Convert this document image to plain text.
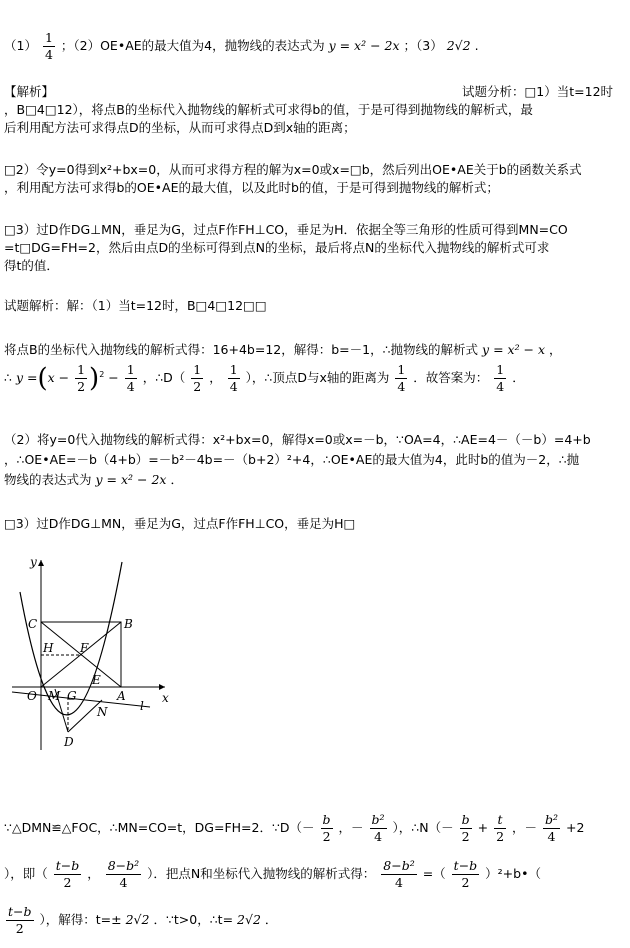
$(1) \frac{1}{4}$ ；（2）OE•AE的最大值为4，抛物线的表达式为 y = x² − 2x ；（3） 2√2 .
【解析】	试题分析：□1）当t=12时
，B□4□12），将点B的坐标代入抛物线的解析式可求得b的值，于是可得到抛物线的解析式，最
后利用配方法可求得点D的坐标，从而可求得点D到x轴的距离；
□2）令y=0得到x²+bx=0，从而可求得方程的解为x=0或x=□b，然后列出OE•AE关于b的函数关系式
，利用配方法可求得b的OE•AE的最大值，以及此时b的值，于是可得到抛物线的解析式；
□3）过D作DG⊥MN，垂足为G，过点F作FH⊥CO，垂足为H．依据全等三角形的性质可得到MN=CO
=t□DG=FH=2，然后由点D的坐标可得到点N的坐标，最后将点N的坐标代入抛物线的解析式可求
得t的值．
试题解析：解：（1）当t=12时，B□4□12□□
将点B的坐标代入抛物线的解析式得：16+4b=12，解得：b=－1，∴抛物线的解析式 y = x² − x ，
∴ $y =(x - \frac{1}{2} )^2 - \frac{1}{4}$ ，∴D（ $\frac{1}{2}$ ， $\frac{1}{4}$ ），∴顶点D与x轴的距离为 $\frac{1}{4}$ ．故答案为： $\frac{1}{4}$ ．
（2）将y=0代入抛物线的解析式得：x²+bx=0，解得x=0或x=－b，∵OA=4，∴AE=4－（－b）=4+b
，∴OE•AE=－b（4+b）=－b²－4b=－（b+2）²+4，∴OE•AE的最大值为4，此时b的值为－2，∴抛
物线的表达式为 y = x² − 2x ．
□3）过D作DG⊥MN，垂足为G，过点F作FH⊥CO，垂足为H□
y
x
C	B
H F
E
O M G	A
N
D
l
∵△DMN≌△FOC，∴MN=CO=t，DG=FH=2．∵D（－ $\frac{b}{2}$ ，－ $\frac{\text{b²}}{4}$ ），∴N（－ $\frac{b}{2} + \frac{t}{2}$ ，－ $\frac{\text{b²}}{4} +2$
），即（ $\frac{t-b}{2}$ ， $\frac{\text{8−b²}}{4}$ ）．把点N和坐标代入抛物线的解析式得： $\frac{\text{8−b²}}{4}$ =（ $\frac{t-b}{2}$ ）²+b•（
$\frac{t-b}{2}$ ），解得：t=± 2√2 ．∵t>0，∴t= 2√2 ．
